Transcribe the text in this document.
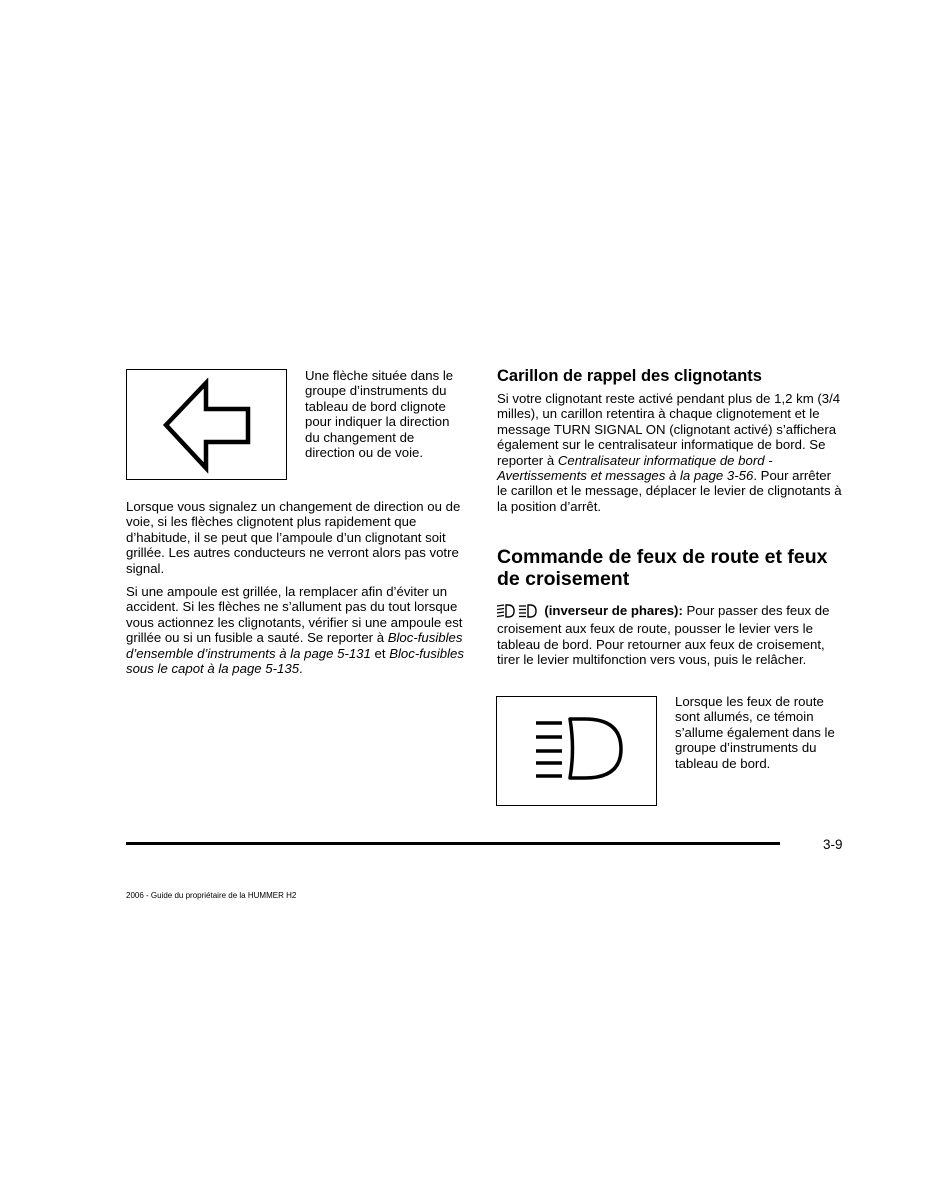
Une flèche située dans le groupe d’instruments du tableau de bord clignote pour indiquer la direction du changement de direction ou de voie.

Lorsque vous signalez un changement de direction ou de voie, si les flèches clignotent plus rapidement que d’habitude, il se peut que l’ampoule d’un clignotant soit grillée. Les autres conducteurs ne verront alors pas votre signal.

Si une ampoule est grillée, la remplacer afin d’éviter un accident. Si les flèches ne s’allument pas du tout lorsque vous actionnez les clignotants, vérifier si une ampoule est grillée ou si un fusible a sauté. Se reporter à Bloc-fusibles d’ensemble d’instruments à la page 5-131 et Bloc-fusibles sous le capot à la page 5-135.

Carillon de rappel des clignotants

Si votre clignotant reste activé pendant plus de 1,2 km (3/4 milles), un carillon retentira à chaque clignotement et le message TURN SIGNAL ON (clignotant activé) s’affichera également sur le centralisateur informatique de bord. Se reporter à Centralisateur informatique de bord - Avertissements et messages à la page 3-56. Pour arrêter le carillon et le message, déplacer le levier de clignotants à la position d’arrêt.

Commande de feux de route et feux de croisement

(inverseur de phares): Pour passer des feux de croisement aux feux de route, pousser le levier vers le tableau de bord. Pour retourner aux feux de croisement, tirer le levier multifonction vers vous, puis le relâcher.

Lorsque les feux de route sont allumés, ce témoin s’allume également dans le groupe d’instruments du tableau de bord.

3-9
2006 - Guide du propriétaire de la HUMMER H2
